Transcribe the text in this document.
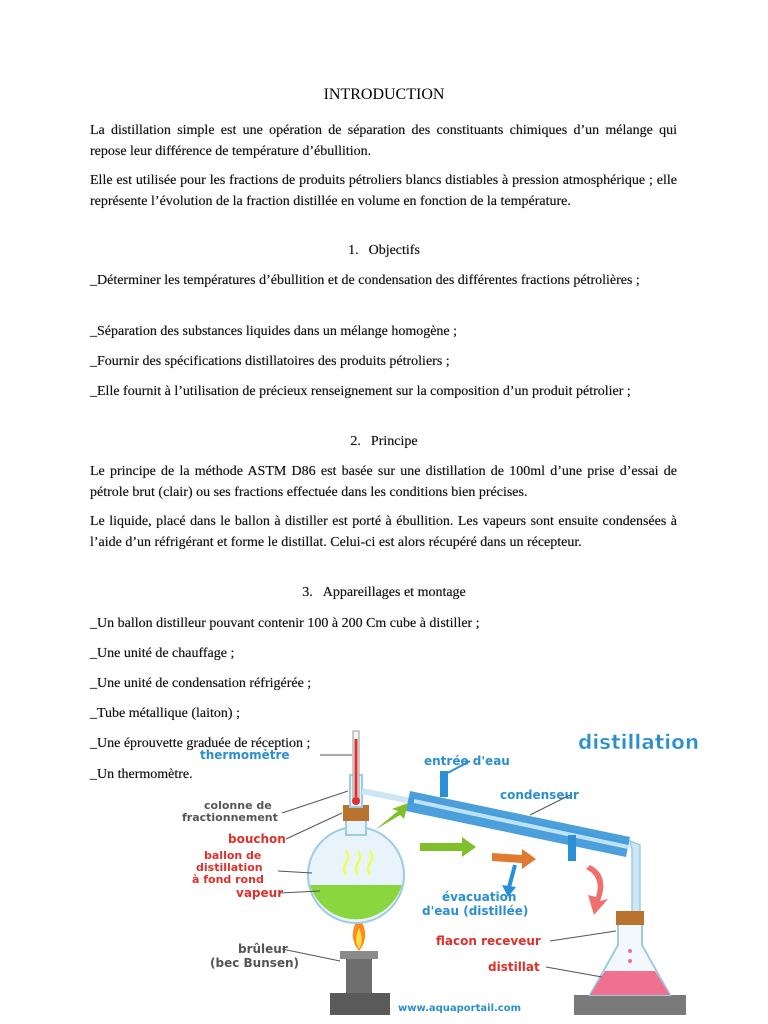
INTRODUCTION
La distillation simple est une opération de séparation des constituants chimiques d’un mélange qui repose leur différence de température d’ébullition.
Elle est utilisée pour les fractions de produits pétroliers blancs distiables à pression atmosphérique ; elle représente l’évolution de la fraction distillée en volume en fonction de la température.
1. Objectifs
_Déterminer les températures d’ébullition et de condensation des différentes fractions pétrolières ;
_Séparation des substances liquides dans un mélange homogène ;
_Fournir des spécifications distillatoires des produits pétroliers ;
_Elle fournit à l’utilisation de précieux renseignement sur la composition d’un produit pétrolier ;
2. Principe
Le principe de la méthode ASTM D86 est basée sur une distillation de 100ml d’une prise d’essai de pétrole brut (clair) ou ses fractions effectuée dans les conditions bien précises.
Le liquide, placé dans le ballon à distiller est porté à ébullition. Les vapeurs sont ensuite condensées à l’aide d’un réfrigérant et forme le distillat. Celui-ci est alors récupéré dans un récepteur.
3. Appareillages et montage
_Un ballon distilleur pouvant contenir 100 à 200 Cm cube à distiller ;
_Une unité de chauffage ;
_Une unité de condensation réfrigérée ;
_Tube métallique (laiton) ;
_Une éprouvette graduée de réception ;
_Un thermomètre.
distillation
thermomètre
colonne de
fractionnement
bouchon
ballon de
distillation
à fond rond
vapeur
brûleur
(bec Bunsen)
entrée d'eau
condenseur
évacuation
d'eau (distillée)
flacon receveur
distillat
www.aquaportail.com
